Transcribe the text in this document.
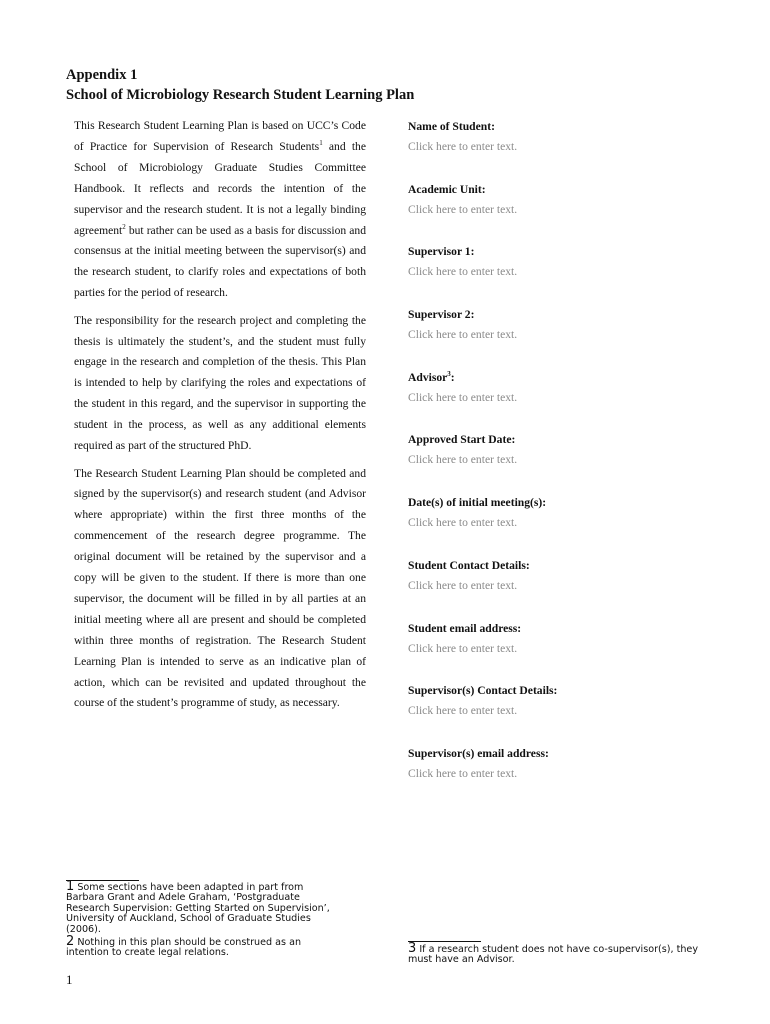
Appendix 1
School of Microbiology Research Student Learning Plan

This Research Student Learning Plan is based on UCC’s Code of Practice for Supervision of Research Students$^1$ and the School of Microbiology Graduate Studies Committee Handbook. It reflects and records the intention of the supervisor and the research student. It is not a legally binding agreement$^2$ but rather can be used as a basis for discussion and consensus at the initial meeting between the supervisor(s) and the research student, to clarify roles and expectations of both parties for the period of research.

The responsibility for the research project and completing the thesis is ultimately the student’s, and the student must fully engage in the research and completion of the thesis. This Plan is intended to help by clarifying the roles and expectations of the student in this regard, and the supervisor in supporting the student in the process, as well as any additional elements required as part of the structured PhD.

The Research Student Learning Plan should be completed and signed by the supervisor(s) and research student (and Advisor where appropriate) within the first three months of the commencement of the research degree programme. The original document will be retained by the supervisor and a copy will be given to the student. If there is more than one supervisor, the document will be filled in by all parties at an initial meeting where all are present and should be completed within three months of registration. The Research Student Learning Plan is intended to serve as an indicative plan of action, which can be revisited and updated throughout the course of the student’s programme of study, as necessary.

Name of Student:
Click here to enter text.
Academic Unit:
Click here to enter text.
Supervisor 1:
Click here to enter text.
Supervisor 2:
Click here to enter text.
Advisor$^3$:
Click here to enter text.
Approved Start Date:
Click here to enter text.
Date(s) of initial meeting(s):
Click here to enter text.
Student Contact Details:
Click here to enter text.
Student email address:
Click here to enter text.
Supervisor(s) Contact Details:
Click here to enter text.
Supervisor(s) email address:
Click here to enter text.
1 Some sections have been adapted in part from Barbara Grant and Adele Graham, ‘Postgraduate Research Supervision: Getting Started on Supervision’, University of Auckland, School of Graduate Studies (2006).
2 Nothing in this plan should be construed as an intention to create legal relations.	3 If a research student does not have co-supervisor(s), they must have an Advisor.
1
